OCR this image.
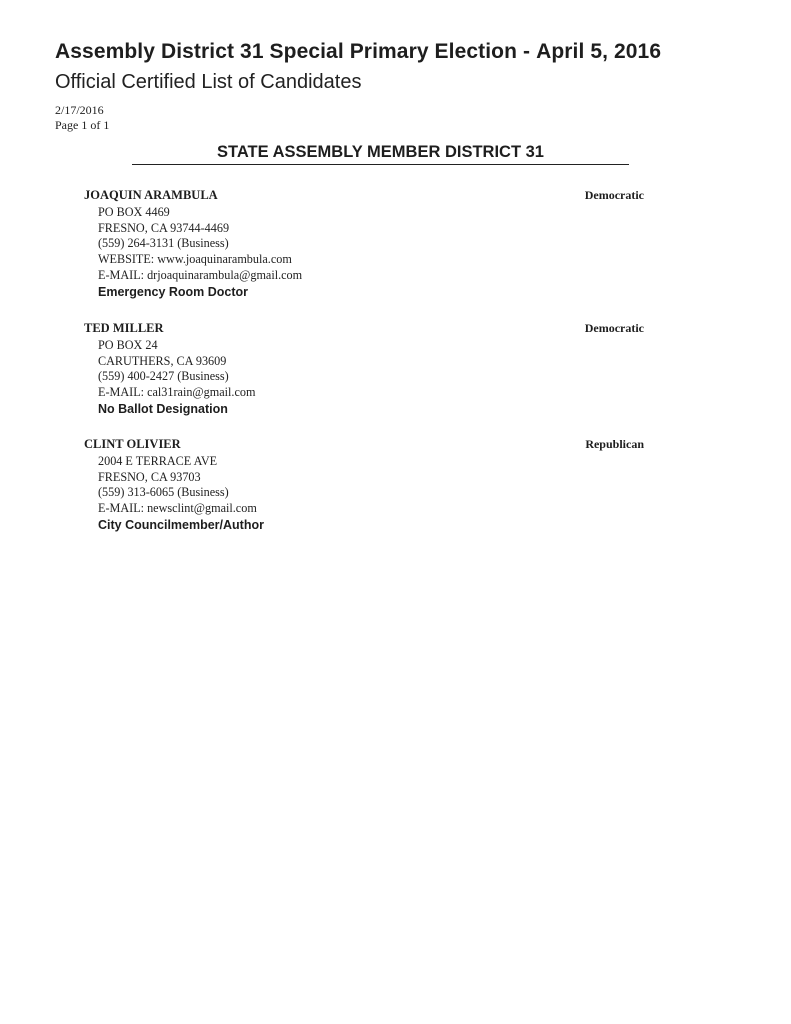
Assembly District 31 Special Primary Election - April 5, 2016
Official Certified List of Candidates
2/17/2016
Page 1 of 1
STATE ASSEMBLY MEMBER DISTRICT 31
JOAQUIN ARAMBULA	Democratic
PO BOX 4469
FRESNO, CA 93744-4469
(559) 264-3131 (Business)
WEBSITE: www.joaquinarambula.com
E-MAIL: drjoaquinarambula@gmail.com
Emergency Room Doctor
TED MILLER	Democratic
PO BOX 24
CARUTHERS, CA 93609
(559) 400-2427 (Business)
E-MAIL: cal31rain@gmail.com
No Ballot Designation
CLINT OLIVIER	Republican
2004 E TERRACE AVE
FRESNO, CA 93703
(559) 313-6065 (Business)
E-MAIL: newsclint@gmail.com
City Councilmember/Author
